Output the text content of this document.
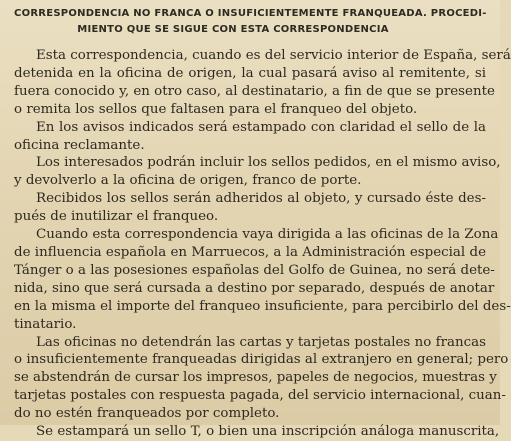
CORRESPONDENCIA NO FRANCA O INSUFICIENTEMENTE FRANQUEADA. PROCEDI-
MIENTO QUE SE SIGUE CON ESTA CORRESPONDENCIA

Esta correspondencia, cuando es del servicio interior de España, será
detenida en la oficina de origen, la cual pasará aviso al remitente, si
fuera conocido y, en otro caso, al destinatario, a fin de que se presente
o remita los sellos que faltasen para el franqueo del objeto.

En los avisos indicados será estampado con claridad el sello de la
oficina reclamante.

Los interesados podrán incluir los sellos pedidos, en el mismo aviso,
y devolverlo a la oficina de origen, franco de porte.

Recibidos los sellos serán adheridos al objeto, y cursado éste des-
pués de inutilizar el franqueo.

Cuando esta correspondencia vaya dirigida a las oficinas de la Zona
de influencia española en Marruecos, a la Administración especial de
Tánger o a las posesiones españolas del Golfo de Guinea, no será dete-
nida, sino que será cursada a destino por separado, después de anotar
en la misma el importe del franqueo insuficiente, para percibirlo del des-
tinatario.

Las oficinas no detendrán las cartas y tarjetas postales no francas
o insuficientemente franqueadas dirigidas al extranjero en general; pero
se abstendrán de cursar los impresos, papeles de negocios, muestras y
tarjetas postales con respuesta pagada, del servicio internacional, cuan-
do no estén franqueados por completo.

Se estampará un sello T, o bien una inscripción análoga manuscrita,
